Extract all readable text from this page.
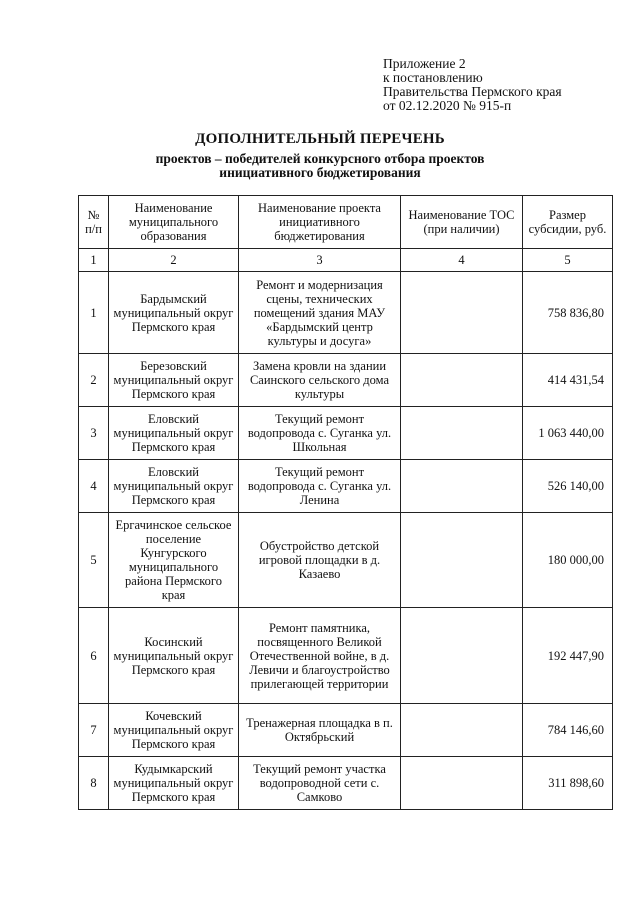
Приложение 2
к постановлению
Правительства Пермского края
от 02.12.2020 № 915-п
ДОПОЛНИТЕЛЬНЫЙ ПЕРЕЧЕНЬ
проектов – победителей конкурсного отбора проектов
инициативного бюджетирования
№ п/п	Наименование муниципального образования	Наименование проекта инициативного бюджетирования	Наименование ТОС (при наличии)	Размер субсидии, руб.
1	2	3	4	5
1	Бардымский муниципальный округ Пермского края	Ремонт и модернизация сцены, технических помещений здания МАУ «Бардымский центр культуры и досуга»		758 836,80
2	Березовский муниципальный округ Пермского края	Замена кровли на здании Саинского сельского дома культуры		414 431,54
3	Еловский муниципальный округ Пермского края	Текущий ремонт водопровода с. Суганка ул. Школьная		1 063 440,00
4	Еловский муниципальный округ Пермского края	Текущий ремонт водопровода с. Суганка ул. Ленина		526 140,00
5	Ергачинское сельское поселение Кунгурского муниципального района Пермского края	Обустройство детской игровой площадки в д. Казаево		180 000,00
6	Косинский муниципальный округ Пермского края	Ремонт памятника, посвященного Великой Отечественной войне, в д. Левичи и благоустройство прилегающей территории		192 447,90
7	Кочевский муниципальный округ Пермского края	Тренажерная площадка в п. Октябрьский		784 146,60
8	Кудымкарский муниципальный округ Пермского края	Текущий ремонт участка водопроводной сети с. Самково		311 898,60
